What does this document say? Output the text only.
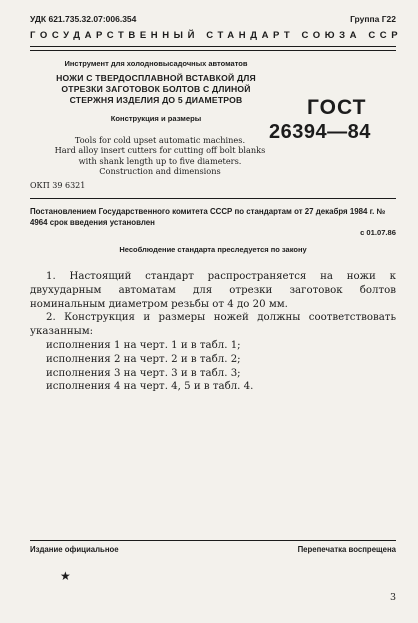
УДК 621.735.32.07:006.354	Группа Г22
ГОСУДАРСТВЕННЫЙ СТАНДАРТ СОЮЗА ССР
Инструмент для холодновысадочных автоматов
НОЖИ С ТВЕРДОСПЛАВНОЙ ВСТАВКОЙ ДЛЯ
ОТРЕЗКИ ЗАГОТОВОК БОЛТОВ С ДЛИНОЙ
СТЕРЖНЯ ИЗДЕЛИЯ ДО 5 ДИАМЕТРОВ
Конструкция и размеры	ГОСТ
26394—84
Tools for cold upset automatic machines.
Hard alloy insert cutters for cutting off bolt blanks
with shank length up to five diameters.
Construction and dimensions
ОКП 39 6321
Постановлением Государственного комитета СССР по стандартам от 27 декабря 1984 г. № 4964 срок введения установлен
с 01.07.86
Несоблюдение стандарта преследуется по закону

1. Настоящий стандарт распространяется на ножи к двухударным автоматам для отрезки заготовок болтов номинальным диаметром резьбы от 4 до 20 мм.

2. Конструкция и размеры ножей должны соответствовать указанным:

исполнения 1 на черт. 1 и в табл. 1;

исполнения 2 на черт. 2 и в табл. 2;

исполнения 3 на черт. 3 и в табл. 3;

исполнения 4 на черт. 4, 5 и в табл. 4.

Издание официальное	Перепечатка воспрещена
★
3
